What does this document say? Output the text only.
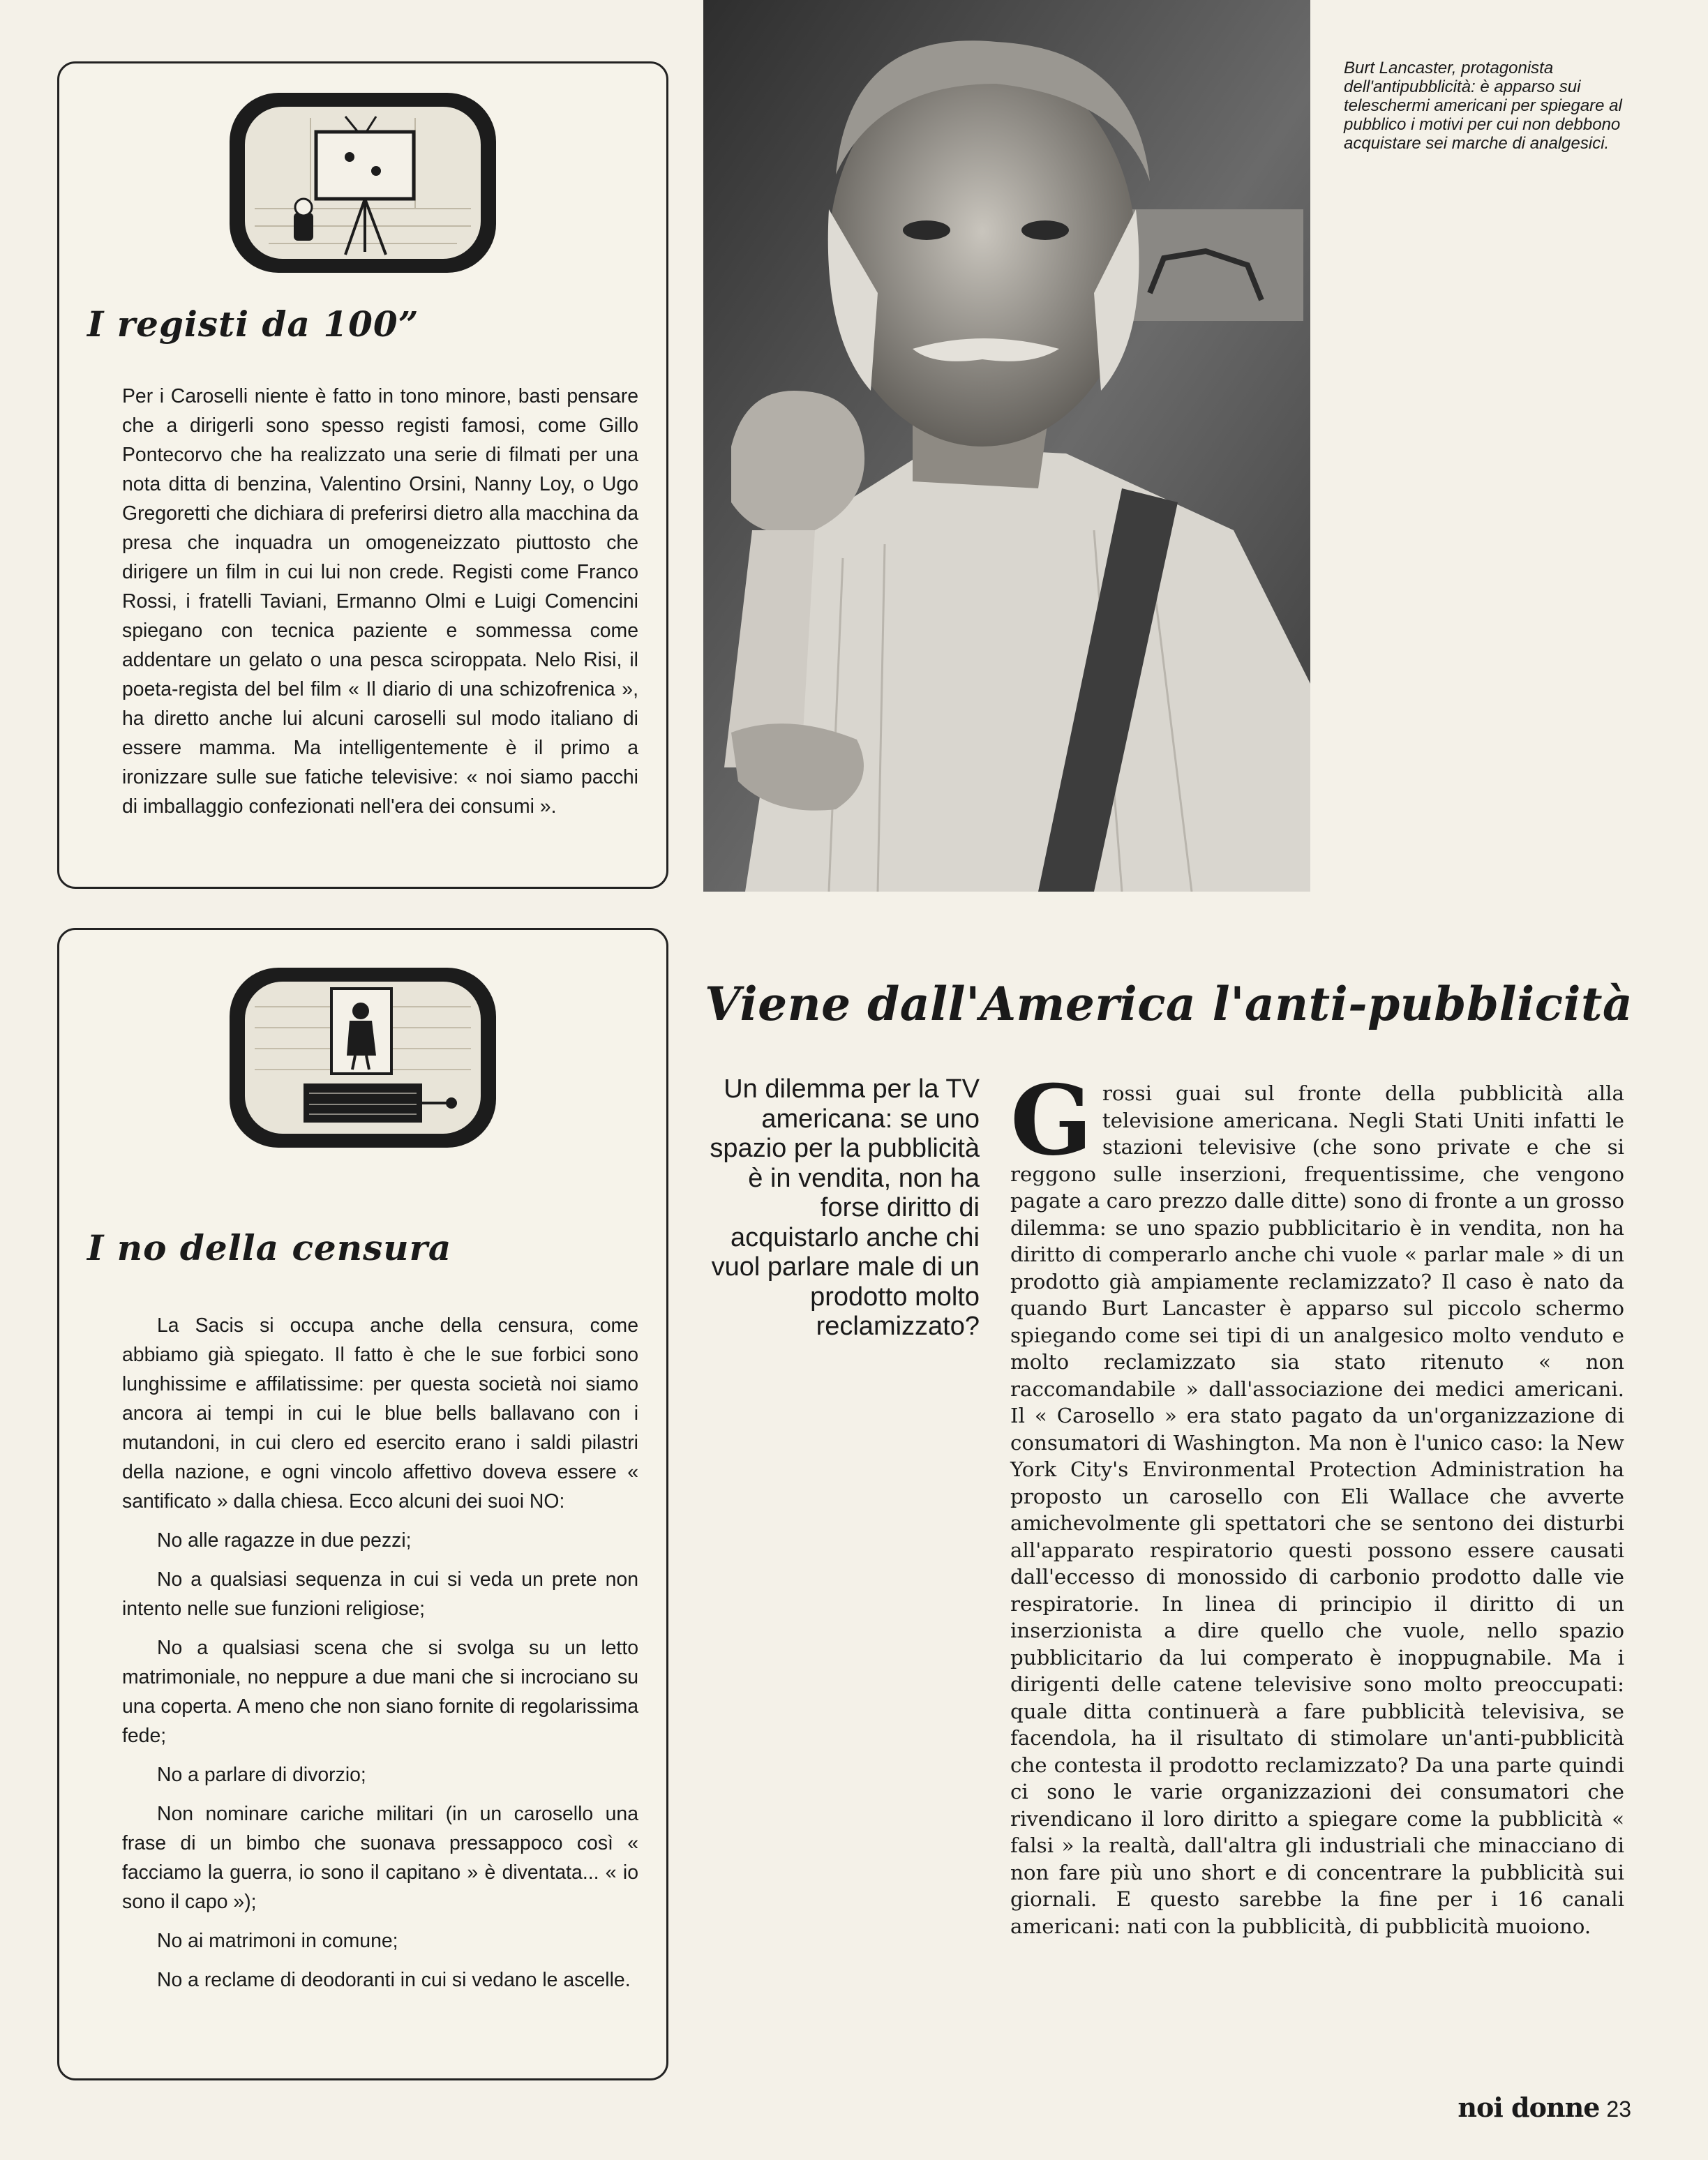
I registi da 100”
Per i Caroselli niente è fatto in tono minore, basti pensare che a dirigerli sono spesso registi famosi, come Gillo Pontecorvo che ha realizzato una serie di filmati per una nota ditta di benzina, Valentino Orsini, Nanny Loy, o Ugo Gregoretti che dichiara di preferirsi dietro alla macchina da presa che inquadra un omogeneizzato piuttosto che dirigere un film in cui lui non crede. Registi come Franco Rossi, i fratelli Taviani, Ermanno Olmi e Luigi Comencini spiegano con tecnica paziente e sommessa come addentare un gelato o una pesca sciroppata. Nelo Risi, il poeta-regista del bel film « Il diario di una schizofrenica », ha diretto anche lui alcuni caroselli sul modo italiano di essere mamma. Ma intelligentemente è il primo a ironizzare sulle sue fatiche televisive: « noi siamo pacchi di imballaggio confezionati nell'era dei consumi ».

Burt Lancaster, protagonista dell'antipubblicità: è apparso sui teleschermi americani per spiegare al pubblico i motivi per cui non debbono acquistare sei marche di analgesici.

I no della censura

La Sacis si occupa anche della censura, come abbiamo già spiegato. Il fatto è che le sue forbici sono lunghissime e affilatissime: per questa società noi siamo ancora ai tempi in cui le blue bells ballavano con i mutandoni, in cui clero ed esercito erano i saldi pilastri della nazione, e ogni vincolo affettivo doveva essere « santificato » dalla chiesa. Ecco alcuni dei suoi NO:

No alle ragazze in due pezzi;

No a qualsiasi sequenza in cui si veda un prete non intento nelle sue funzioni religiose;

No a qualsiasi scena che si svolga su un letto matrimoniale, no neppure a due mani che si incrociano su una coperta. A meno che non siano fornite di regolarissima fede;

No a parlare di divorzio;

Non nominare cariche militari (in un carosello una frase di un bimbo che suonava pressappoco così « facciamo la guerra, io sono il capitano » è diventata... « io sono il capo »);

No ai matrimoni in comune;

No a reclame di deodoranti in cui si vedano le ascelle.

Viene dall'America l'anti-pubblicità

Un dilemma per la TV americana: se uno spazio per la pubblicità è in vendita, non ha forse diritto di acquistarlo anche chi vuol parlare male di un prodotto molto reclamizzato?

Grossi guai sul fronte della pubblicità alla televisione americana. Negli Stati Uniti infatti le stazioni televisive (che sono private e che si reggono sulle inserzioni, frequentissime, che vengono pagate a caro prezzo dalle ditte) sono di fronte a un grosso dilemma: se uno spazio pubblicitario è in vendita, non ha diritto di comperarlo anche chi vuole « parlar male » di un prodotto già ampiamente reclamizzato? Il caso è nato da quando Burt Lancaster è apparso sul piccolo schermo spiegando come sei tipi di un analgesico molto venduto e molto reclamizzato sia stato ritenuto « non raccomandabile » dall'associazione dei medici americani. Il « Carosello » era stato pagato da un'organizzazione di consumatori di Washington. Ma non è l'unico caso: la New York City's Environmental Protection Administration ha proposto un carosello con Eli Wallace che avverte amichevolmente gli spettatori che se sentono dei disturbi all'apparato respiratorio questi possono essere causati dall'eccesso di monossido di carbonio prodotto dalle vie respiratorie. In linea di principio il diritto di un inserzionista a dire quello che vuole, nello spazio pubblicitario da lui comperato è inoppugnabile. Ma i dirigenti delle catene televisive sono molto preoccupati: quale ditta continuerà a fare pubblicità televisiva, se facendola, ha il risultato di stimolare un'anti-pubblicità che contesta il prodotto reclamizzato? Da una parte quindi ci sono le varie organizzazioni dei consumatori che rivendicano il loro diritto a spiegare come la pubblicità « falsi » la realtà, dall'altra gli industriali che minacciano di non fare più uno short e di concentrare la pubblicità sui giornali. E questo sarebbe la fine per i 16 canali americani: nati con la pubblicità, di pubblicità muoiono.

noi donne 23
